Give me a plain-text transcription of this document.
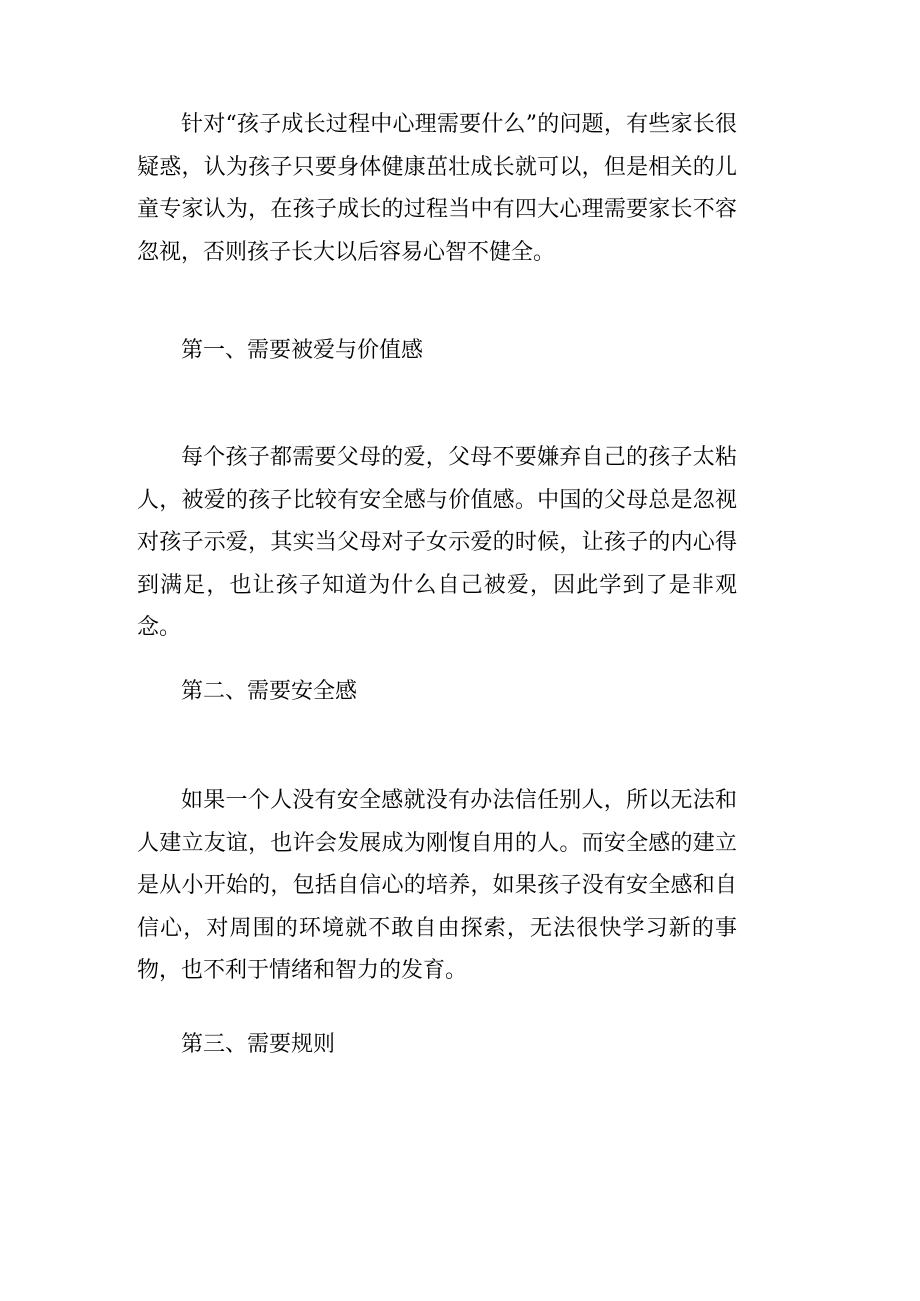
针对“孩子成长过程中心理需要什么”的问题，有些家长很疑惑，认为孩子只要身体健康茁壮成长就可以，但是相关的儿童专家认为，在孩子成长的过程当中有四大心理需要家长不容忽视，否则孩子长大以后容易心智不健全。

第一、需要被爱与价值感

每个孩子都需要父母的爱，父母不要嫌弃自己的孩子太粘人，被爱的孩子比较有安全感与价值感。中国的父母总是忽视对孩子示爱，其实当父母对子女示爱的时候，让孩子的内心得到满足，也让孩子知道为什么自己被爱，因此学到了是非观念。

第二、需要安全感

如果一个人没有安全感就没有办法信任别人，所以无法和人建立友谊，也许会发展成为刚愎自用的人。而安全感的建立是从小开始的，包括自信心的培养，如果孩子没有安全感和自信心，对周围的环境就不敢自由探索，无法很快学习新的事物，也不利于情绪和智力的发育。

第三、需要规则
